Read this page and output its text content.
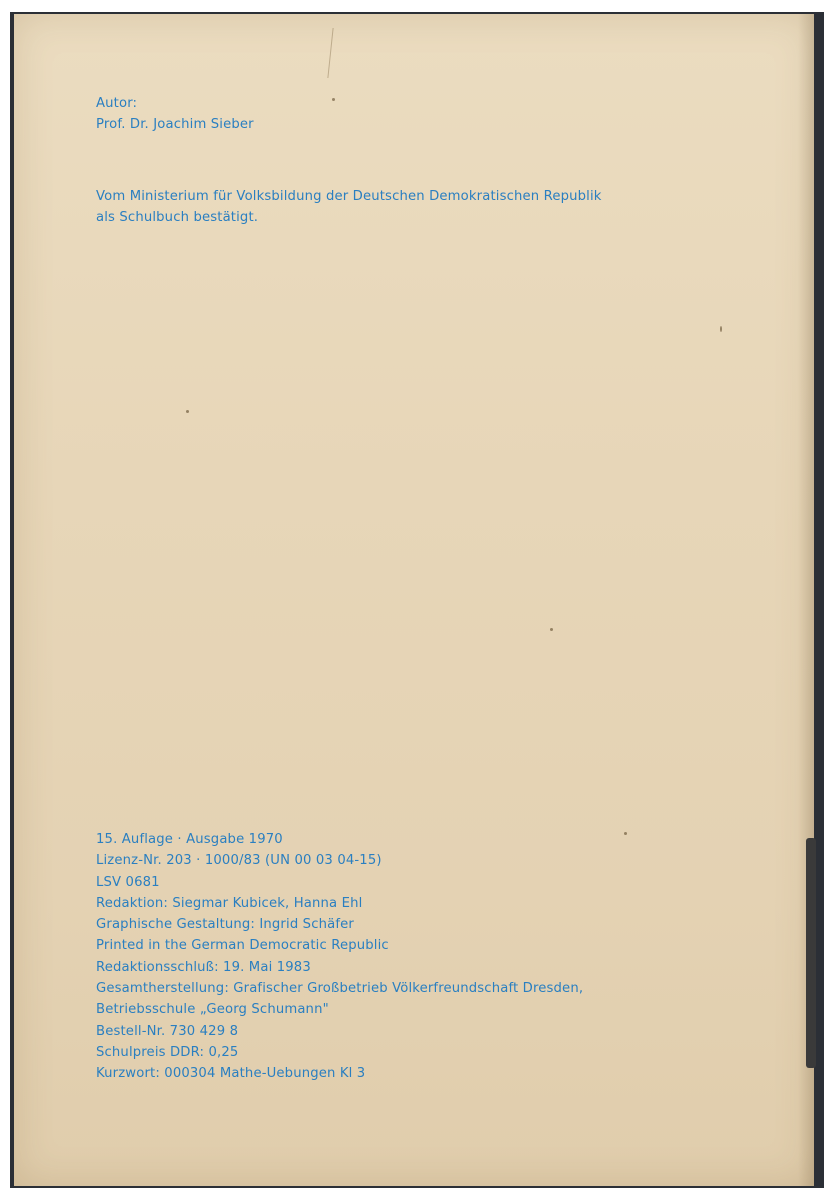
Autor:
Prof. Dr. Joachim Sieber
Vom Ministerium für Volksbildung der Deutschen Demokratischen Republik
als Schulbuch bestätigt.
15. Auflage · Ausgabe 1970
Lizenz-Nr. 203 · 1000/83 (UN 00 03 04-15)
LSV 0681
Redaktion: Siegmar Kubicek, Hanna Ehl
Graphische Gestaltung: Ingrid Schäfer
Printed in the German Democratic Republic
Redaktionsschluß: 19. Mai 1983
Gesamtherstellung: Grafischer Großbetrieb Völkerfreundschaft Dresden,
Betriebsschule „Georg Schumann"
Bestell-Nr. 730 429 8
Schulpreis DDR: 0,25
Kurzwort: 000304 Mathe-Uebungen Kl 3
